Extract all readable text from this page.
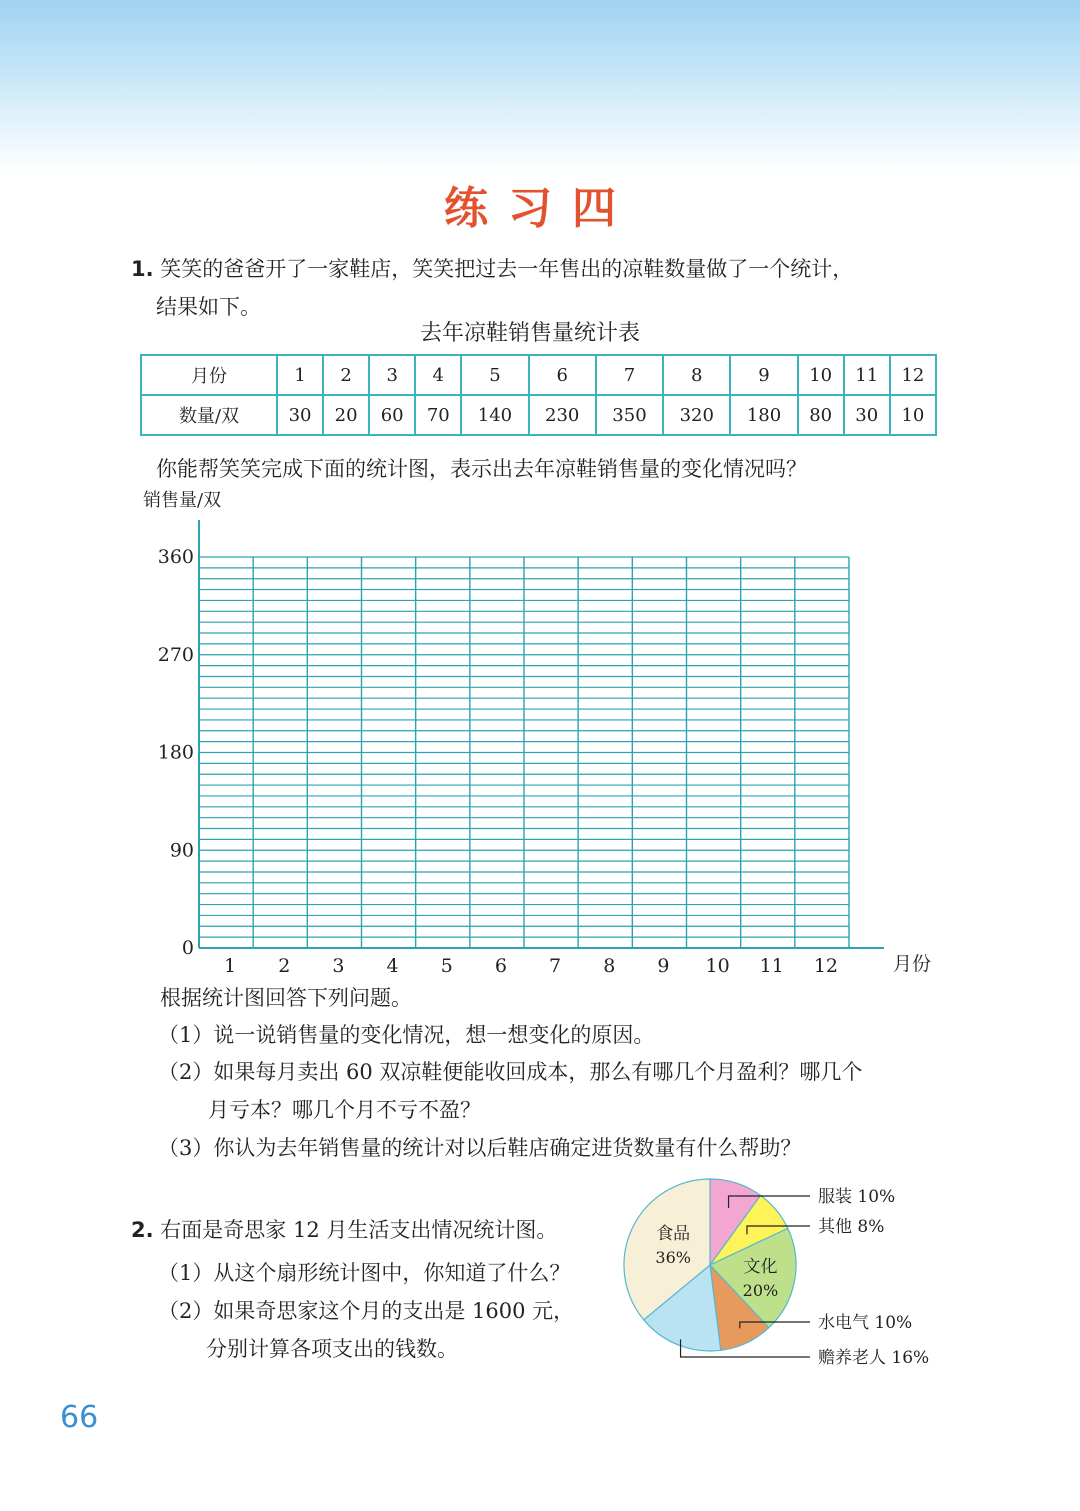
练习四
1. 笑笑的爸爸开了一家鞋店，笑笑把过去一年售出的凉鞋数量做了一个统计，
结果如下。
去年凉鞋销售量统计表
月份	1	2	3	4	5	6	7	8	9	10	11	12
数量/双	30	20	60	70	140	230	350	320	180	80	30	10
你能帮笑笑完成下面的统计图，表示出去年凉鞋销售量的变化情况吗？
销售量/双
0
90
180
270
360
1 2 3 4 5 6 7 8 9 10 11 12	月份
根据统计图回答下列问题。
（1）说一说销售量的变化情况，想一想变化的原因。
（2）如果每月卖出 60 双凉鞋便能收回成本，那么有哪几个月盈利？哪几个
月亏本？哪几个月不亏不盈？
（3）你认为去年销售量的统计对以后鞋店确定进货数量有什么帮助？
2. 右面是奇思家 12 月生活支出情况统计图。
（1）从这个扇形统计图中，你知道了什么？
（2）如果奇思家这个月的支出是 1600 元，
分别计算各项支出的钱数。
文化
20%
食品
36%
服装 10%
其他 8%
水电气 10%
赡养老人 16%
66
